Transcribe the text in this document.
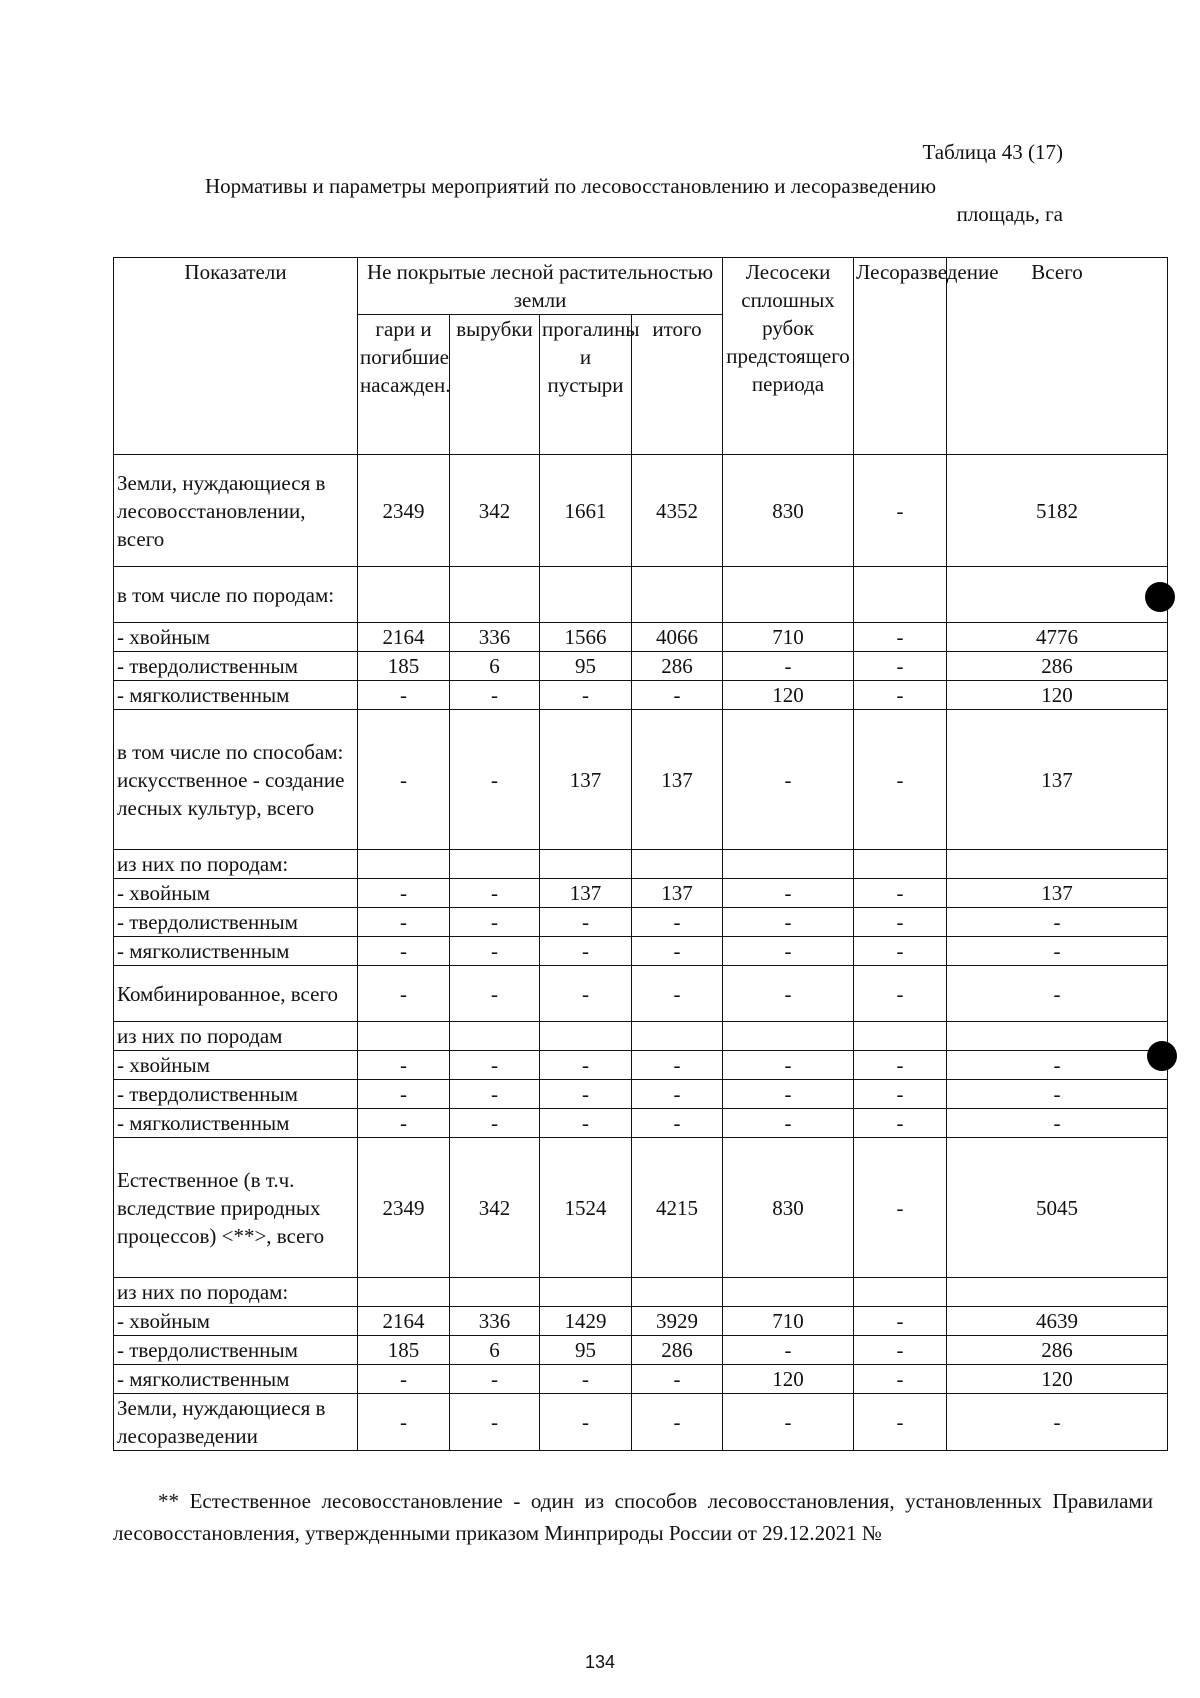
Таблица 43 (17)
Нормативы и параметры мероприятий по лесовосстановлению и лесоразведению
площадь, га
Показатели	Не покрытые лесной растительностью земли				Лесосеки сплошных рубок предстоящего периода	Лесоразведение	Всего
	гари и погибшие насажден.	вырубки	прогалины и пустыри	итого			
Земли, нуждающиеся в лесовосстановлении, всего	2349	342	1661	4352	830	-	5182
в том числе по породам:							
- хвойным	2164	336	1566	4066	710	-	4776
- твердолиственным	185	6	95	286	-	-	286
- мягколиственным	-	-	-	-	120	-	120
в том числе по способам: искусственное - создание лесных культур, всего	-	-	137	137	-	-	137
из них по породам:							
- хвойным	-	-	137	137	-	-	137
- твердолиственным	-	-	-	-	-	-	-
- мягколиственным	-	-	-	-	-	-	-
Комбинированное, всего	-	-	-	-	-	-	-
из них по породам							
- хвойным	-	-	-	-	-	-	-
- твердолиственным	-	-	-	-	-	-	-
- мягколиственным	-	-	-	-	-	-	-
Естественное (в т.ч. вследствие природных процессов) <**>, всего	2349	342	1524	4215	830	-	5045
из них по породам:							
- хвойным	2164	336	1429	3929	710	-	4639
- твердолиственным	185	6	95	286	-	-	286
- мягколиственным	-	-	-	-	120	-	120
Земли, нуждающиеся в лесоразведении	-	-	-	-	-	-	-
** Естественное лесовосстановление - один из способов лесовосстановления, установленных Правилами лесовосстановления, утвержденными приказом Минприроды России от 29.12.2021 №
134
